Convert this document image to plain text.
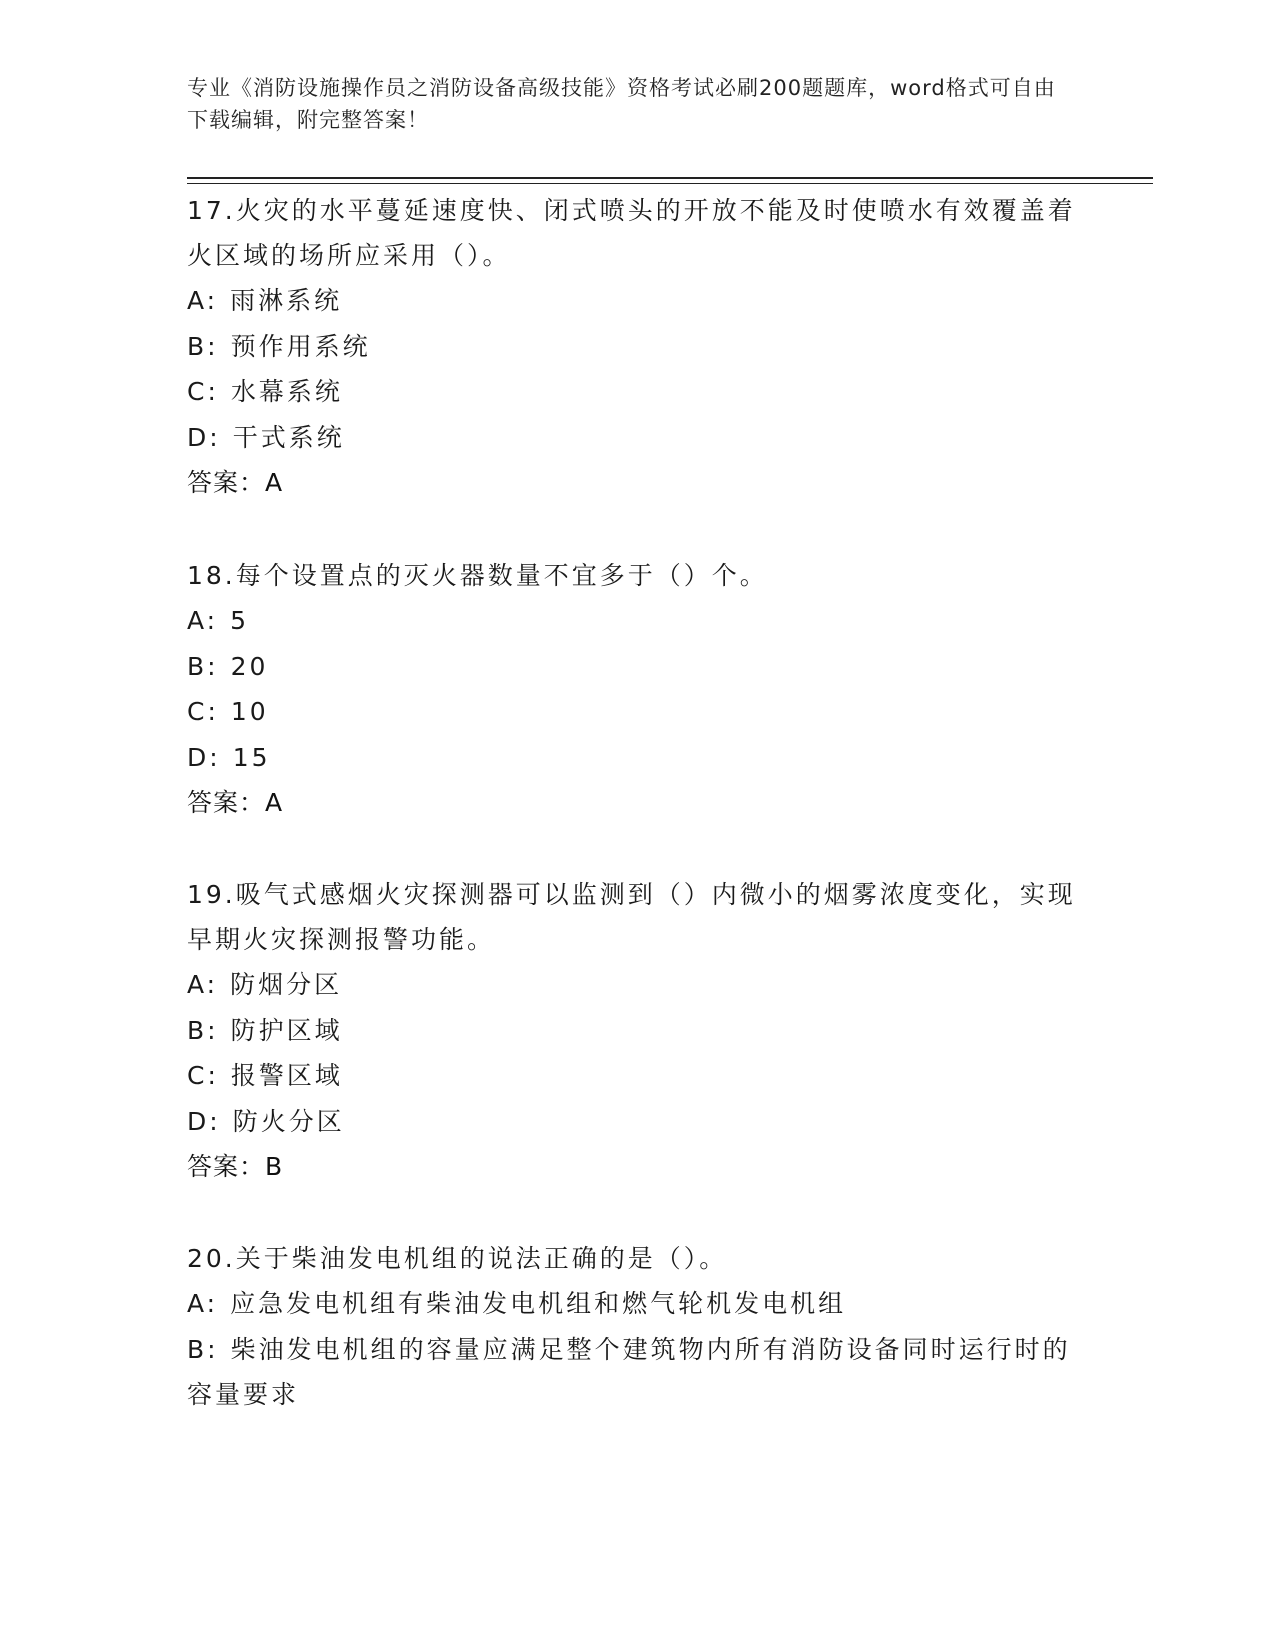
专业《消防设施操作员之消防设备高级技能》资格考试必刷200题题库，word格式可自由下载编辑，附完整答案！
17.火灾的水平蔓延速度快、闭式喷头的开放不能及时使喷水有效覆盖着火区域的场所应采用（）。
A: 雨淋系统
B: 预作用系统
C: 水幕系统
D: 干式系统
答案：A
18.每个设置点的灭火器数量不宜多于（）个。
A: 5
B: 20
C: 10
D: 15
答案：A
19.吸气式感烟火灾探测器可以监测到（）内微小的烟雾浓度变化，实现早期火灾探测报警功能。
A: 防烟分区
B: 防护区域
C: 报警区域
D: 防火分区
答案：B
20.关于柴油发电机组的说法正确的是（）。
A: 应急发电机组有柴油发电机组和燃气轮机发电机组
B: 柴油发电机组的容量应满足整个建筑物内所有消防设备同时运行时的容量要求
